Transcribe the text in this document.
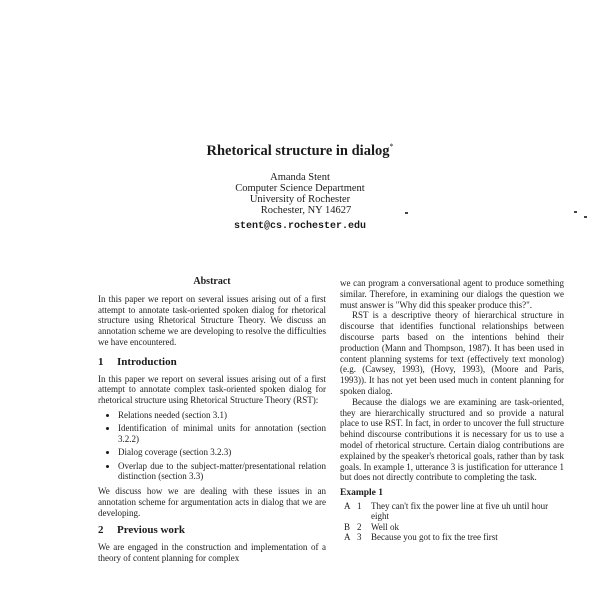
Rhetorical structure in dialog*
Amanda Stent
Computer Science Department
University of Rochester
Rochester, NY 14627
stent@cs.rochester.edu
Abstract

In this paper we report on several issues arising out of a first attempt to annotate task-oriented spoken dialog for rhetorical structure using Rhetorical Structure Theory. We discuss an annotation scheme we are developing to resolve the difficulties we have encountered.

1 Introduction

In this paper we report on several issues arising out of a first attempt to annotate complex task-oriented spoken dialog for rhetorical structure using Rhetorical Structure Theory (RST):

• Relations needed (section 3.1)
• Identification of minimal units for annotation (section 3.2.2)
• Dialog coverage (section 3.2.3)
• Overlap due to the subject-matter/presentational relation distinction (section 3.3)

We discuss how we are dealing with these issues in an annotation scheme for argumentation acts in dialog that we are developing.

2 Previous work

We are engaged in the construction and implementation of a theory of content planning for complex

we can program a conversational agent to produce something similar. Therefore, in examining our dialogs the question we must answer is "Why did this speaker produce this?".

RST is a descriptive theory of hierarchical structure in discourse that identifies functional relationships between discourse parts based on the intentions behind their production (Mann and Thompson, 1987). It has been used in content planning systems for text (effectively text monolog) (e.g. (Cawsey, 1993), (Hovy, 1993), (Moore and Paris, 1993)). It has not yet been used much in content planning for spoken dialog.

Because the dialogs we are examining are task-oriented, they are hierarchically structured and so provide a natural place to use RST. In fact, in order to uncover the full structure behind discourse contributions it is necessary for us to use a model of rhetorical structure. Certain dialog contributions are explained by the speaker's rhetorical goals, rather than by task goals. In example 1, utterance 3 is justification for utterance 1 but does not directly contribute to completing the task.

Example 1
A 1	They can't fix the power line at five uh until hour eight
B 2	Well ok
A 3	Because you got to fix the tree first
